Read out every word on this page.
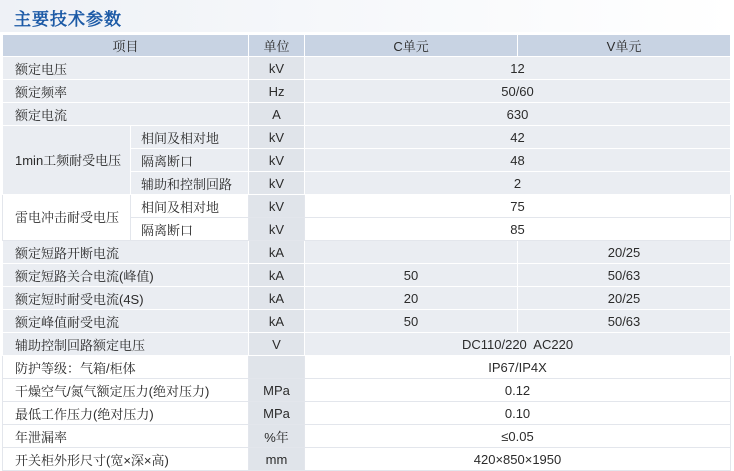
主要技术参数
项目		单位	C单元	V单元
额定电压		kV	12	
额定频率		Hz	50/60	
额定电流		A	630	
1min工频耐受电压	相间及相对地	kV	42	
	隔离断口	kV	48	
	辅助和控制回路	kV	2	
雷电冲击耐受电压	相间及相对地	kV	75	
	隔离断口	kV	85	
额定短路开断电流		kA		20/25
额定短路关合电流(峰值)		kA	50	50/63
额定短时耐受电流(4S)		kA	20	20/25
额定峰值耐受电流		kA	50	50/63
辅助控制回路额定电压		V	DC110/220  AC220	
防护等级：气箱/柜体			IP67/IP4X	
干燥空气/氮气额定压力(绝对压力)		MPa	0.12	
最低工作压力(绝对压力)		MPa	0.10	
年泄漏率		%年	≤0.05	
开关柜外形尺寸(宽×深×高)		mm	420×850×1950	
